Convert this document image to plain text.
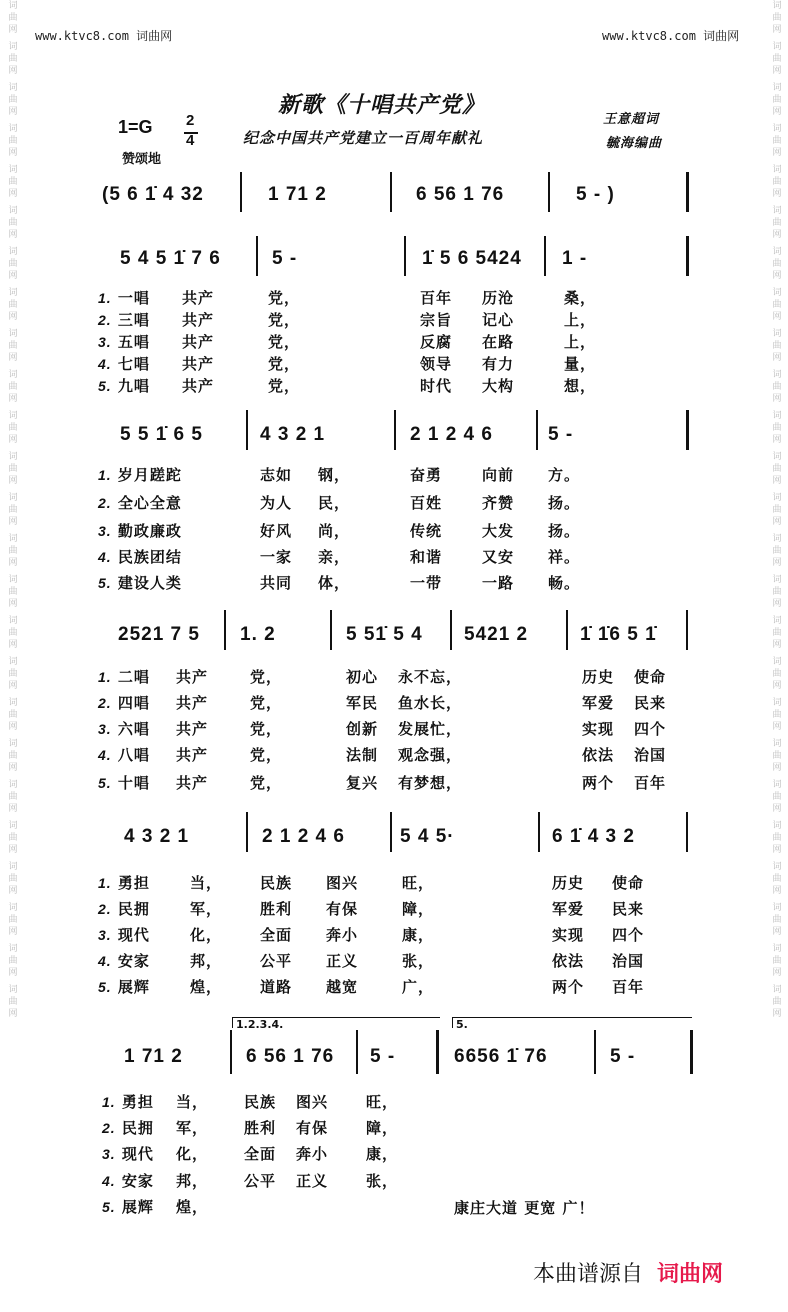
www.ktvc8.com 词曲网	www.ktvc8.com 词曲网
词曲网
词曲网
词曲网
词曲网
词曲网
词曲网
词曲网
词曲网
词曲网
词曲网
词曲网
词曲网
词曲网
词曲网
词曲网
词曲网
词曲网
词曲网
词曲网
词曲网
词曲网
词曲网
词曲网
词曲网
词曲网
词曲网
词曲网
词曲网
词曲网
词曲网
词曲网
词曲网
词曲网
词曲网
词曲网
词曲网
词曲网
词曲网
词曲网
词曲网
词曲网
词曲网
词曲网
词曲网
词曲网
词曲网
词曲网
词曲网
词曲网
词曲网
新歌《十唱共产党》
纪念中国共产党建立一百周年献礼
王意超词
毓海编曲
1=G 2
4
赞颂地
(5 6 1̇ 4 32	1 71 2	6 56 1 76	5 - )
5 4 5 1̇ 7 6	5 -	1̇ 5 6 5424 1 -
1. 一唱 共产	党，	百年 历沧	桑，
2. 三唱 共产	党，	宗旨 记心	上，
3. 五唱 共产	党，	反腐 在路	上，
4. 七唱 共产	党，	领导 有力	量，
5. 九唱 共产	党，	时代 大构	想，
5 5 1̇ 6 5	4 3 2 1	2 1 2 4 6	5 -
1. 岁月蹉跎	志如 钢，	奋勇	向前 方。
2. 全心全意	为人 民，	百姓	齐赞 扬。
3. 勤政廉政	好风 尚，	传统	大发 扬。
4. 民族团结	一家 亲，	和谐	又安 祥。
5. 建设人类	共同 体，	一带	一路 畅。
2521 7 5 1. 2	5 51̇ 5 4 5421 2	1̇ 1̇6 5 1̇
1. 二唱 共产	党，	初心 永不忘，	历史 使命
2. 四唱 共产	党，	军民 鱼水长，	军爱 民来
3. 六唱 共产	党，	创新 发展忙，	实现 四个
4. 八唱 共产	党，	法制 观念强，	依法 治国
5. 十唱 共产	党，	复兴 有梦想，	两个 百年
4 3 2 1	2 1 2 4 6	5 4 5·	6 1̇ 4 3 2
1. 勇担	当，	民族 图兴	旺，	历史 使命
2. 民拥	军，	胜利 有保	障，	军爱 民来
3. 现代	化，	全面 奔小	康，	实现 四个
4. 安家	邦，	公平 正义	张，	依法 治国
5. 展辉	煌，	道路 越宽	广，	两个 百年
1.2.3.4.	5.
1 71 2	6 56 1 76 5 -	6656 1̇ 76	5 -
1. 勇担 当， 民族 图兴	旺，
2. 民拥 军， 胜利 有保	障，
3. 现代 化， 全面 奔小	康，
4. 安家 邦， 公平 正义	张，
5. 展辉 煌，	康庄大道 更宽 广！
本曲谱源自 词曲网
